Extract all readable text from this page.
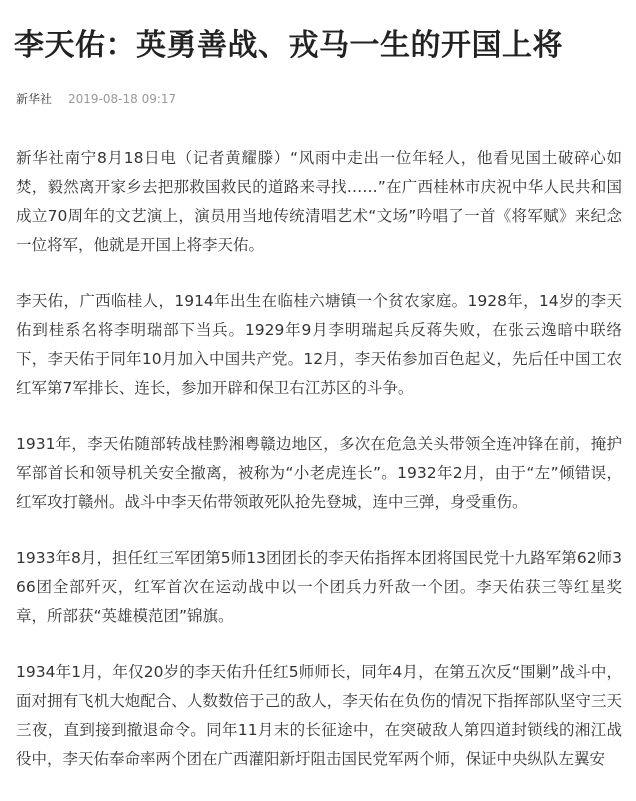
李天佑：英勇善战、戎马一生的开国上将
新华社 2019-08-18 09:17

新华社南宁8月18日电（记者黄耀滕）“风雨中走出一位年轻人，他看见国土破碎心如焚，毅然离开家乡去把那救国救民的道路来寻找……”在广西桂林市庆祝中华人民共和国成立70周年的文艺演上，演员用当地传统清唱艺术“文场”吟唱了一首《将军赋》来纪念一位将军，他就是开国上将李天佑。

李天佑，广西临桂人，1914年出生在临桂六塘镇一个贫农家庭。1928年，14岁的李天佑到桂系名将李明瑞部下当兵。1929年9月李明瑞起兵反蒋失败，在张云逸暗中联络下，李天佑于同年10月加入中国共产党。12月，李天佑参加百色起义，先后任中国工农红军第7军排长、连长，参加开辟和保卫右江苏区的斗争。

1931年，李天佑随部转战桂黔湘粤赣边地区，多次在危急关头带领全连冲锋在前，掩护军部首长和领导机关安全撤离，被称为“小老虎连长”。1932年2月，由于“左”倾错误，红军攻打赣州。战斗中李天佑带领敢死队抢先登城，连中三弹，身受重伤。

1933年8月，担任红三军团第5师13团团长的李天佑指挥本团将国民党十九路军第62师366团全部歼灭，红军首次在运动战中以一个团兵力歼敌一个团。李天佑获三等红星奖章，所部获“英雄模范团”锦旗。

1934年1月，年仅20岁的李天佑升任红5师师长，同年4月，在第五次反“围剿”战斗中，面对拥有飞机大炮配合、人数数倍于己的敌人，李天佑在负伤的情况下指挥部队坚守三天三夜，直到接到撤退命令。同年11月末的长征途中，在突破敌人第四道封锁线的湘江战役中，李天佑奉命率两个团在广西灌阳新圩阻击国民党军两个师，保证中央纵队左翼安
